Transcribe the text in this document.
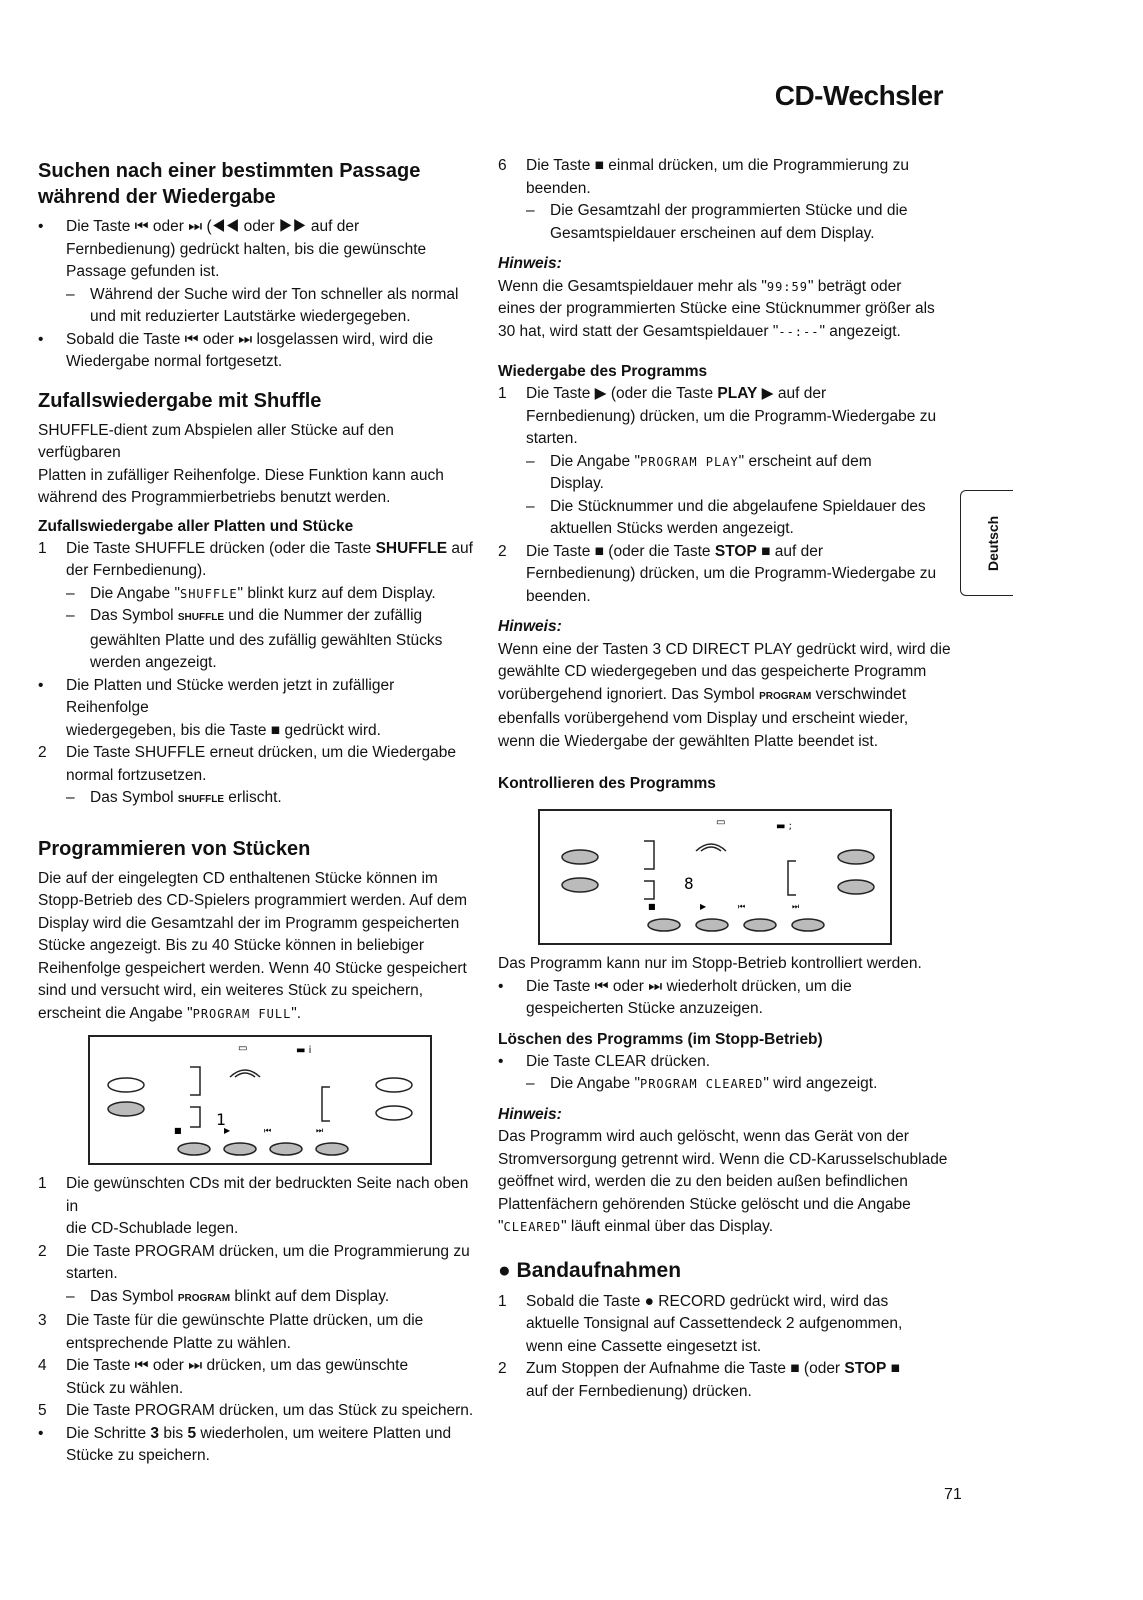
CD-Wechsler
Deutsch
Suchen nach einer bestimmten Passage
während der Wiedergabe
•

Die Taste ⏮ oder ⏭ (◀◀ oder ▶▶ auf der
Fernbedienung) gedrückt halten, bis die gewünschte
Passage gefunden ist.

– Während der Suche wird der Ton schneller als normal
und mit reduzierter Lautstärke wiedergegeben.

•

Sobald die Taste ⏮ oder ⏭ losgelassen wird, wird die
Wiedergabe normal fortgesetzt.

Zufallswiedergabe mit Shuffle

SHUFFLE-dient zum Abspielen aller Stücke auf den verfügbaren
Platten in zufälliger Reihenfolge. Diese Funktion kann auch
während des Programmierbetriebs benutzt werden.

Zufallswiedergabe aller Platten und Stücke
1	Die Taste SHUFFLE drücken (oder die Taste SHUFFLE auf
der Fernbedienung).

– Die Angabe "SHUFFLE" blinkt kurz auf dem Display.

– Das Symbol SHUFFLE und die Nummer der zufällig
gewählten Platte und des zufällig gewählten Stücks
werden angezeigt.

•

Die Platten und Stücke werden jetzt in zufälliger Reihenfolge
wiedergegeben, bis die Taste ■ gedrückt wird.

2	Die Taste SHUFFLE erneut drücken, um die Wiedergabe
normal fortzusetzen.

– Das Symbol SHUFFLE erlischt.

Programmieren von Stücken

Die auf der eingelegten CD enthaltenen Stücke können im
Stopp-Betrieb des CD-Spielers programmiert werden. Auf dem
Display wird die Gesamtzahl der im Programm gespeicherten
Stücke angezeigt. Bis zu 40 Stücke können in beliebiger
Reihenfolge gespeichert werden. Wenn 40 Stücke gespeichert
sind und versucht wird, ein weiteres Stück zu speichern,
erscheint die Angabe "PROGRAM FULL".

▭	▬ i
1
■	▶	⏮	⏭
1	Die gewünschten CDs mit der bedruckten Seite nach oben in
die CD-Schublade legen.

2	Die Taste PROGRAM drücken, um die Programmierung zu
starten.

– Das Symbol PROGRAM blinkt auf dem Display.

3	Die Taste für die gewünschte Platte drücken, um die
entsprechende Platte zu wählen.

4	Die Taste ⏮ oder ⏭ drücken, um das gewünschte
Stück zu wählen.

5	Die Taste PROGRAM drücken, um das Stück zu speichern.

•

Die Schritte 3 bis 5 wiederholen, um weitere Platten und
Stücke zu speichern.

6	Die Taste ■ einmal drücken, um die Programmierung zu
beenden.

– Die Gesamtzahl der programmierten Stücke und die
Gesamtspieldauer erscheinen auf dem Display.

Hinweis:

Wenn die Gesamtspieldauer mehr als "99:59" beträgt oder
eines der programmierten Stücke eine Stücknummer größer als
30 hat, wird statt der Gesamtspieldauer "--:--" angezeigt.

Wiedergabe des Programms
1	Die Taste ▶ (oder die Taste PLAY ▶ auf der
Fernbedienung) drücken, um die Programm-Wiedergabe zu
starten.

– Die Angabe "PROGRAM PLAY" erscheint auf dem
Display.

– Die Stücknummer und die abgelaufene Spieldauer des
aktuellen Stücks werden angezeigt.

2	Die Taste ■ (oder die Taste STOP ■ auf der
Fernbedienung) drücken, um die Programm-Wiedergabe zu
beenden.

Hinweis:

Wenn eine der Tasten 3 CD DIRECT PLAY gedrückt wird, wird die
gewählte CD wiedergegeben und das gespeicherte Programm
vorübergehend ignoriert. Das Symbol PROGRAM verschwindet
ebenfalls vorübergehend vom Display und erscheint wieder,
wenn die Wiedergabe der gewählten Platte beendet ist.

Kontrollieren des Programms
▭	▬ ;
8
■	▶	⏮	⏭

Das Programm kann nur im Stopp-Betrieb kontrolliert werden.

•

Die Taste ⏮ oder ⏭ wiederholt drücken, um die
gespeicherten Stücke anzuzeigen.

Löschen des Programms (im Stopp-Betrieb)
•

Die Taste CLEAR drücken.

– Die Angabe "PROGRAM CLEARED" wird angezeigt.

Hinweis:

Das Programm wird auch gelöscht, wenn das Gerät von der
Stromversorgung getrennt wird. Wenn die CD-Karusselschublade
geöffnet wird, werden die zu den beiden außen befindlichen
Plattenfächern gehörenden Stücke gelöscht und die Angabe
"CLEARED" läuft einmal über das Display.

● Bandaufnahmen
1	Sobald die Taste ● RECORD gedrückt wird, wird das
aktuelle Tonsignal auf Cassettendeck 2 aufgenommen,
wenn eine Cassette eingesetzt ist.

2	Zum Stoppen der Aufnahme die Taste ■ (oder STOP ■
auf der Fernbedienung) drücken.

71
